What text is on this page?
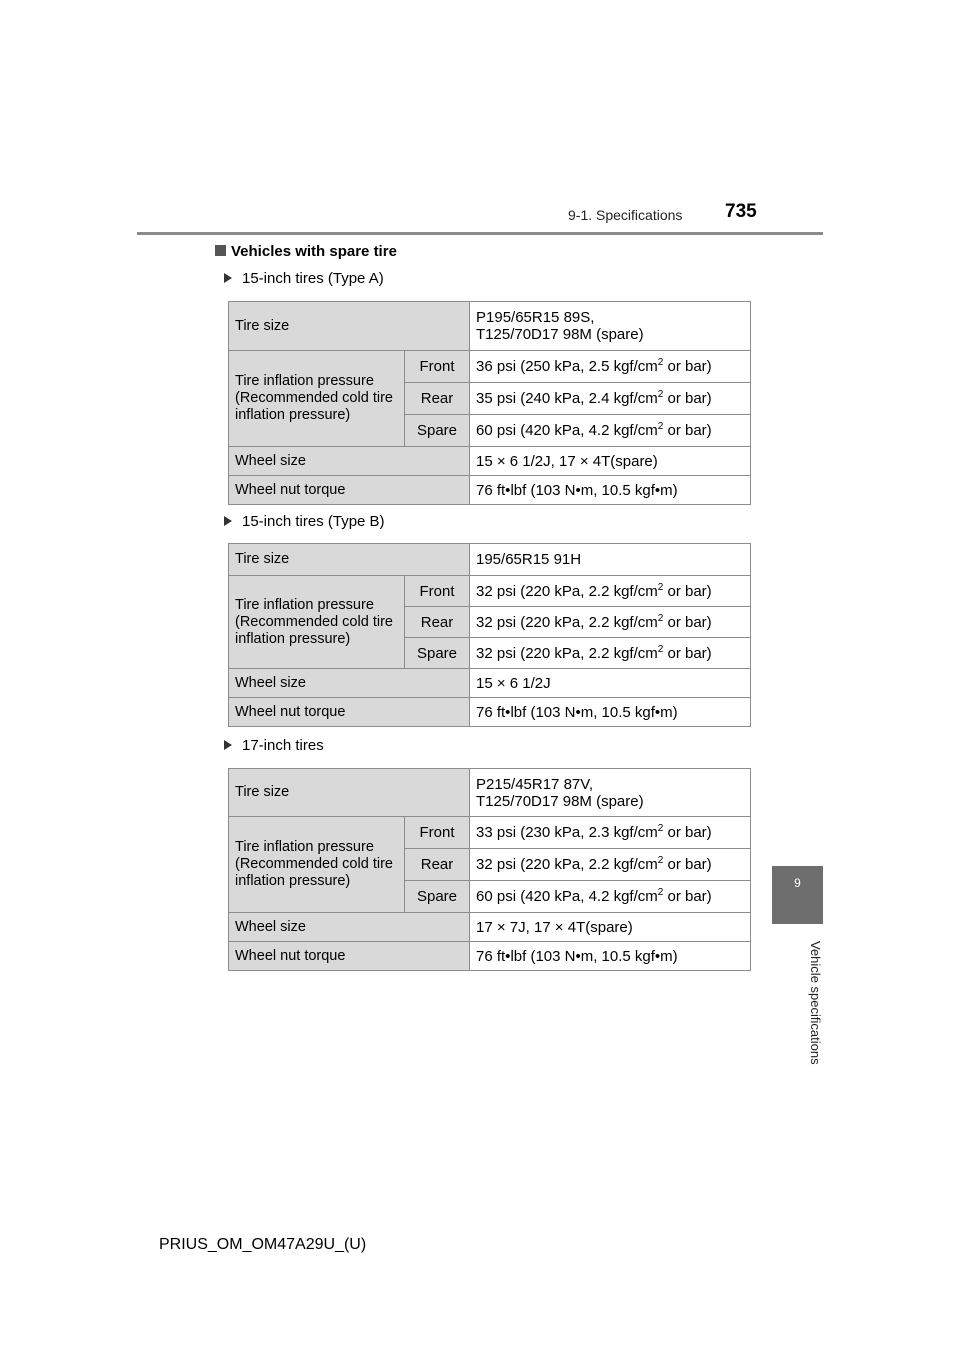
9-1. Specifications 735
9
Vehicle specifications
Vehicles with spare tire
15-inch tires (Type A)
Tire size		P195/65R15 89S,
T125/70D17 98M (spare)

Tire inflation pressure (Recommended cold tire inflation pressure)	Front	36 psi (250 kPa, 2.5 kgf/$cm^2$ or bar)
	Rear	35 psi (240 kPa, 2.4 kgf/$cm^2$ or bar)
	Spare	60 psi (420 kPa, 4.2 kgf/$cm^2$ or bar)
Wheel size		15 × 6 1/2J, 17 × 4T(spare)
Wheel nut torque		76 ft•lbf (103 N•m, 10.5 kgf•m)
15-inch tires (Type B)
Tire size		195/65R15 91H
Tire inflation pressure (Recommended cold tire inflation pressure)	Front	32 psi (220 kPa, 2.2 kgf/$cm^2$ or bar)
	Rear	32 psi (220 kPa, 2.2 kgf/$cm^2$ or bar)
	Spare	32 psi (220 kPa, 2.2 kgf/$cm^2$ or bar)
Wheel size		15 × 6 1/2J
Wheel nut torque		76 ft•lbf (103 N•m, 10.5 kgf•m)
17-inch tires
Tire size		P215/45R17 87V,
T125/70D17 98M (spare)

Tire inflation pressure (Recommended cold tire inflation pressure)	Front	33 psi (230 kPa, 2.3 kgf/$cm^2$ or bar)
	Rear	32 psi (220 kPa, 2.2 kgf/$cm^2$ or bar)
	Spare	60 psi (420 kPa, 4.2 kgf/$cm^2$ or bar)
Wheel size		17 × 7J, 17 × 4T(spare)
Wheel nut torque		76 ft•lbf (103 N•m, 10.5 kgf•m)
PRIUS_OM_OM47A29U_(U)
